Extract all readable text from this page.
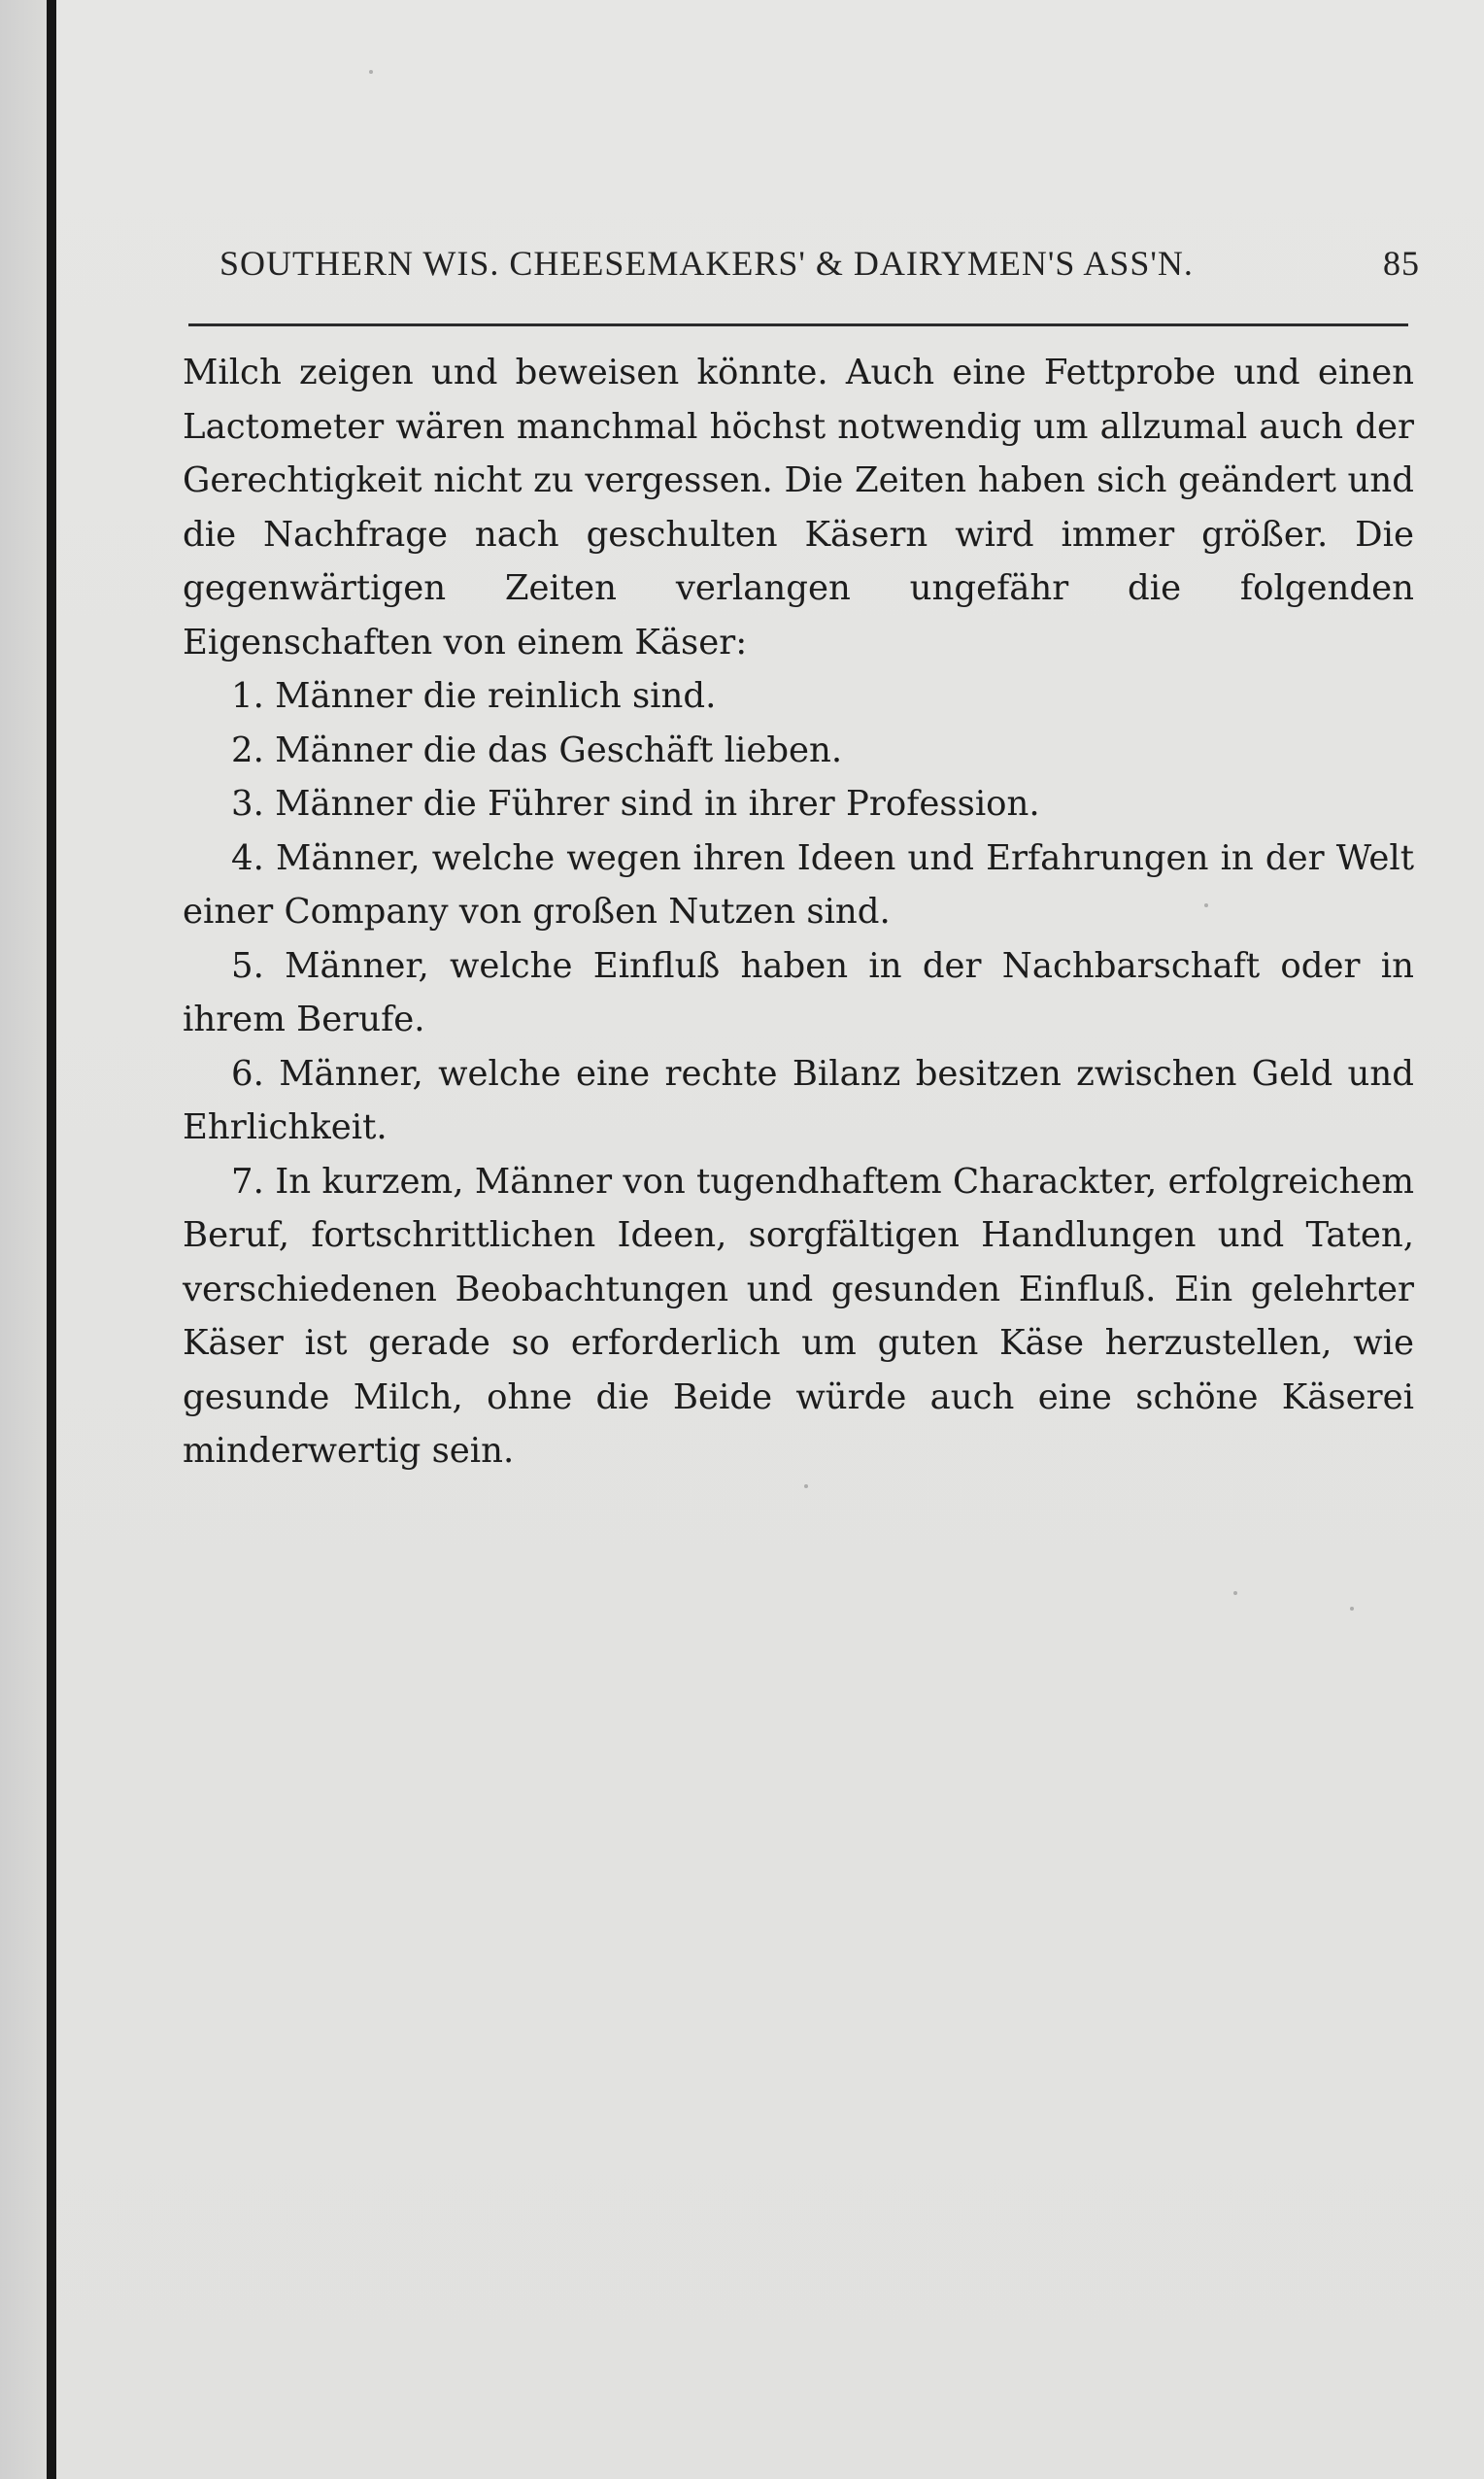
SOUTHERN WIS. CHEESEMAKERS' & DAIRYMEN'S ASS'N.	85

Milch zeigen und beweisen könnte. Auch eine Fettprobe und einen Lactometer wären manchmal höchst notwendig um allzumal auch der Gerechtigkeit nicht zu vergessen. Die Zeiten haben sich geändert und die Nachfrage nach geschulten Käsern wird immer größer. Die gegenwärtigen Zeiten verlangen ungefähr die folgenden Eigenschaften von einem Käser:

1. Männer die reinlich sind.

2. Männer die das Geschäft lieben.

3. Männer die Führer sind in ihrer Profession.

4. Männer, welche wegen ihren Ideen und Erfahrungen in der Welt einer Company von großen Nutzen sind.

5. Männer, welche Einfluß haben in der Nachbarschaft oder in ihrem Berufe.

6. Männer, welche eine rechte Bilanz besitzen zwischen Geld und Ehrlichkeit.

7. In kurzem, Männer von tugendhaftem Charackter, erfolgreichem Beruf, fortschrittlichen Ideen, sorgfältigen Handlungen und Taten, verschiedenen Beobachtungen und gesunden Einfluß. Ein gelehrter Käser ist gerade so erforderlich um guten Käse herzustellen, wie gesunde Milch, ohne die Beide würde auch eine schöne Käserei minderwertig sein.
